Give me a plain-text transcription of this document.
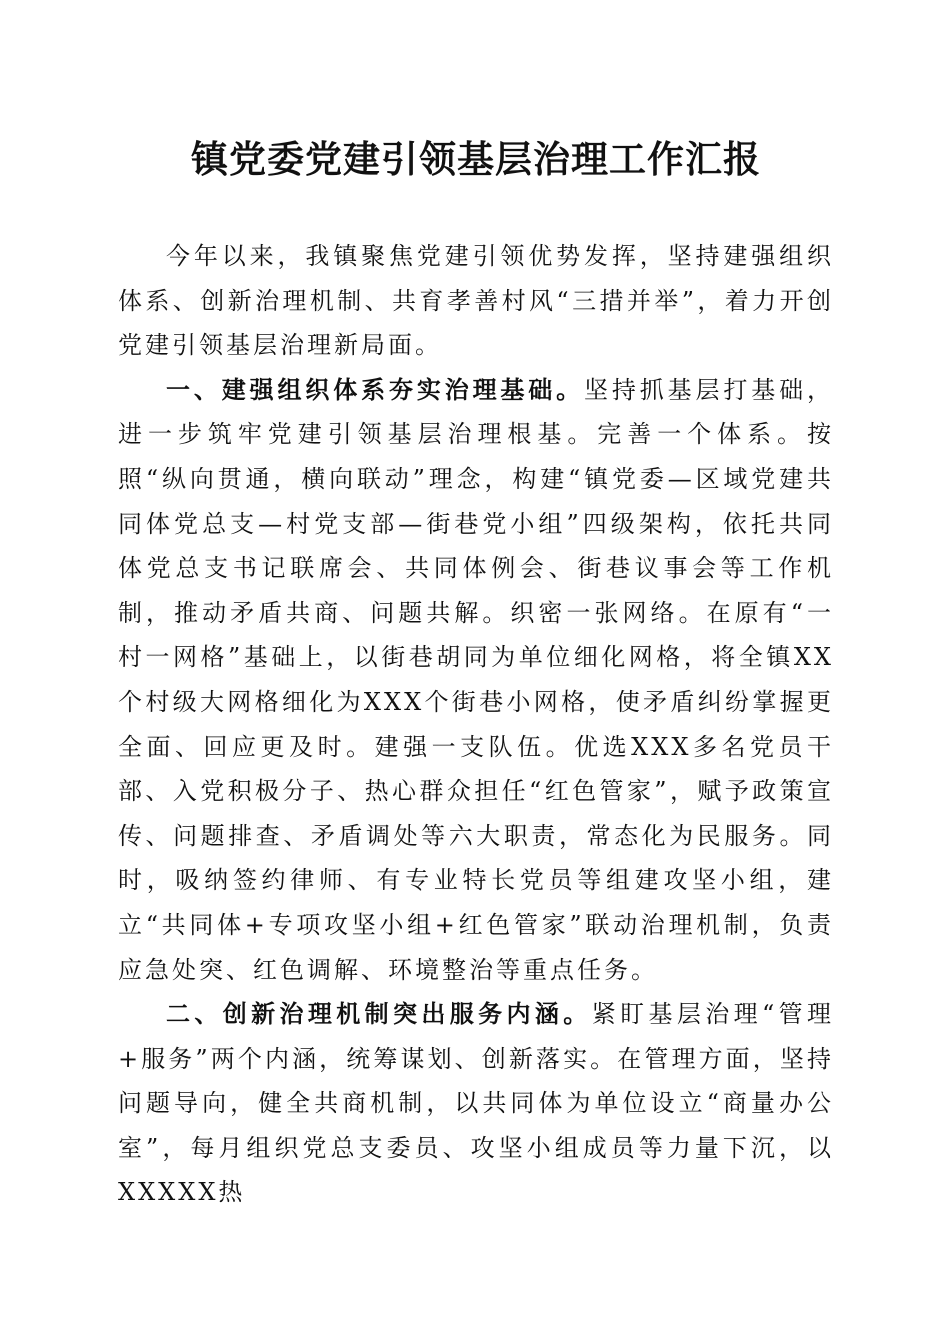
镇党委党建引领基层治理工作汇报

今年以来，我镇聚焦党建引领优势发挥，坚持建强组织体系、创新治理机制、共育孝善村风“三措并举”，着力开创党建引领基层治理新局面。

一、建强组织体系夯实治理基础。坚持抓基层打基础，进一步筑牢党建引领基层治理根基。完善一个体系。按照“纵向贯通，横向联动”理念，构建“镇党委—区域党建共同体党总支—村党支部—街巷党小组”四级架构，依托共同体党总支书记联席会、共同体例会、街巷议事会等工作机制，推动矛盾共商、问题共解。织密一张网络。在原有“一村一网格”基础上，以街巷胡同为单位细化网格，将全镇XX个村级大网格细化为XXX个街巷小网格，使矛盾纠纷掌握更全面、回应更及时。建强一支队伍。优选XXX多名党员干部、入党积极分子、热心群众担任“红色管家”，赋予政策宣传、问题排查、矛盾调处等六大职责，常态化为民服务。同时，吸纳签约律师、有专业特长党员等组建攻坚小组，建立“共同体+专项攻坚小组+红色管家”联动治理机制，负责应急处突、红色调解、环境整治等重点任务。

二、创新治理机制突出服务内涵。紧盯基层治理“管理+服务”两个内涵，统筹谋划、创新落实。在管理方面，坚持问题导向，健全共商机制，以共同体为单位设立“商量办公室”，每月组织党总支委员、攻坚小组成员等力量下沉，以XXXXX热
